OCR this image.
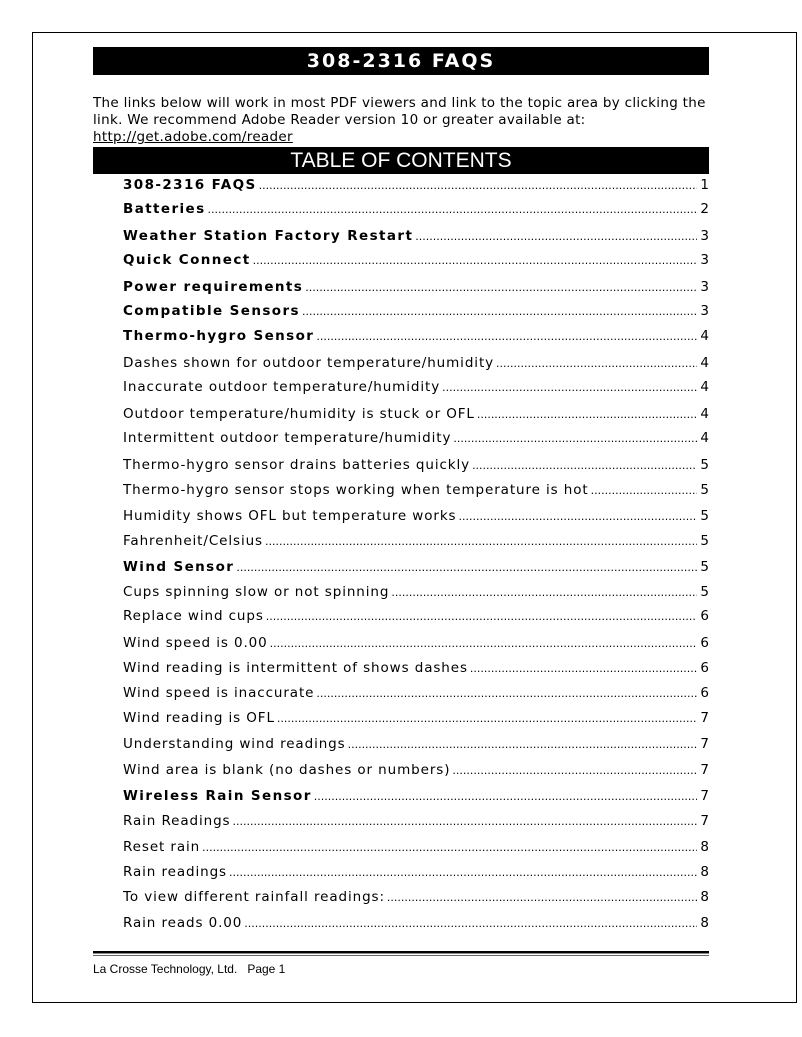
308-2316 FAQS
The links below will work in most PDF viewers and link to the topic area by clicking the link. We recommend Adobe Reader version 10 or greater available at:
http://get.adobe.com/reader
TABLE OF CONTENTS
308-2316 FAQS .....	1
Batteries .....	2
Weather Station Factory Restart .....	3
Quick Connect .....	3
Power requirements .....	3
Compatible Sensors .....	3
Thermo-hygro Sensor .....	4
Dashes shown for outdoor temperature/humidity .....	4
Inaccurate outdoor temperature/humidity .....	4
Outdoor temperature/humidity is stuck or OFL .....	4
Intermittent outdoor temperature/humidity .....	4
Thermo-hygro sensor drains batteries quickly .....	5
Thermo-hygro sensor stops working when temperature is hot .....	5
Humidity shows OFL but temperature works .....	5
Fahrenheit/Celsius .....	5
Wind Sensor .....	5
Cups spinning slow or not spinning .....	5
Replace wind cups .....	6
Wind speed is 0.00 .....	6
Wind reading is intermittent of shows dashes .....	6
Wind speed is inaccurate .....	6
Wind reading is OFL .....	7
Understanding wind readings .....	7
Wind area is blank (no dashes or numbers) .....	7
Wireless Rain Sensor .....	7
Rain Readings .....	7
Reset rain .....	8
Rain readings .....	8
To view different rainfall readings: .....	8
Rain reads 0.00 .....	8
La Crosse Technology, Ltd.   Page 1
